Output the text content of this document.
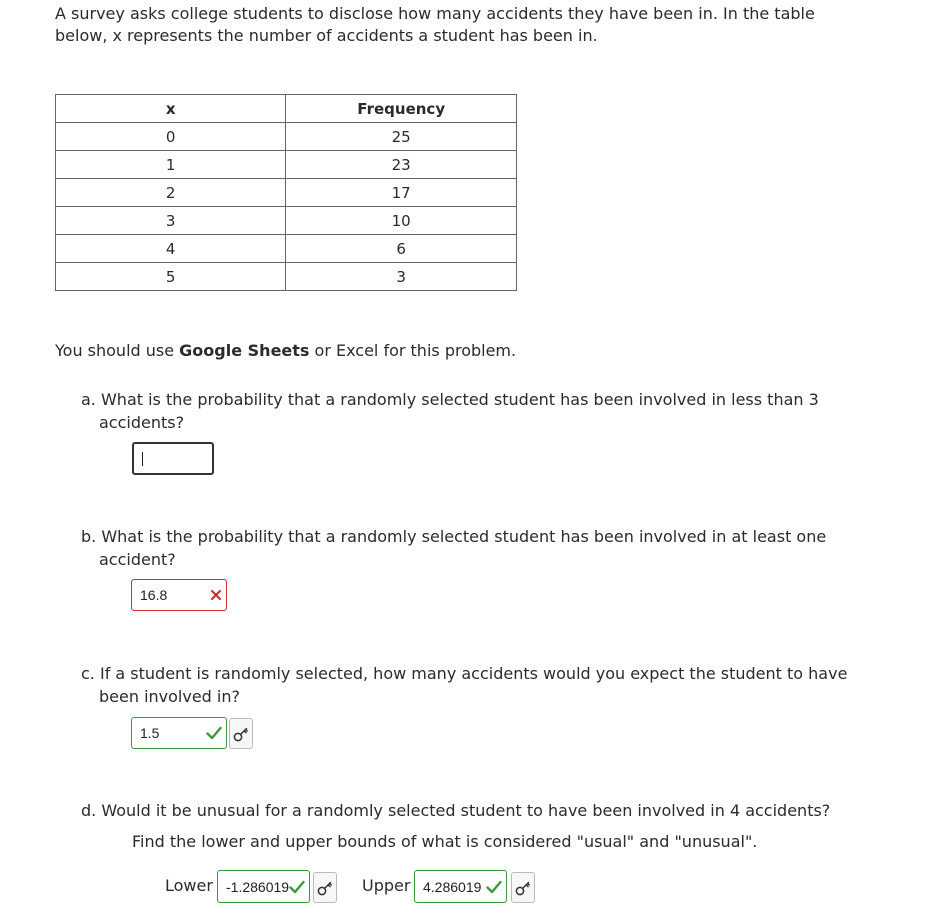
A survey asks college students to disclose how many accidents they have been in. In the table below, x represents the number of accidents a student has been in.
x	Frequency
0	25
1	23
2	17
3	10
4	6
5	3
You should use Google Sheets or Excel for this problem.
a. What is the probability that a randomly selected student has been involved in less than 3 accidents?
b. What is the probability that a randomly selected student has been involved in at least one accident?
16.8
c. If a student is randomly selected, how many accidents would you expect the student to have been involved in?
1.5
d. Would it be unusual for a randomly selected student to have been involved in 4 accidents?
Find the lower and upper bounds of what is considered "usual" and "unusual".
Lower -1.286019	Upper 4.286019
